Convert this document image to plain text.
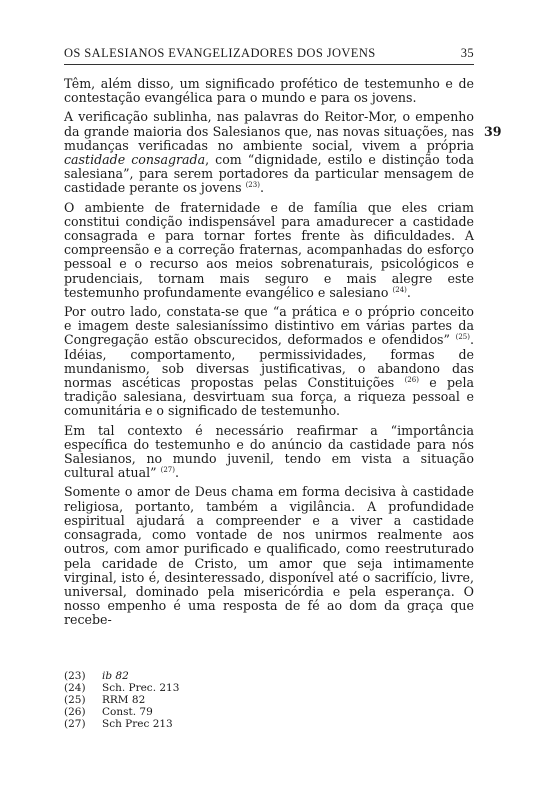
OS SALESIANOS EVANGELIZADORES DOS JOVENS	35
39

Têm, além disso, um significado profético de testemunho e de contestação evangélica para o mundo e para os jovens.

A verificação sublinha, nas palavras do Reitor-Mor, o empenho da grande maioria dos Salesianos que, nas novas situações, nas mudanças verificadas no ambiente social, vivem a própria castidade consagrada, com “dignidade, estilo e distinção toda salesiana”, para serem portadores da particular mensagem de castidade perante os jovens $^{(23)}$.

O ambiente de fraternidade e de família que eles criam constitui condição indispensável para amadurecer a castidade consagrada e para tornar fortes frente às dificuldades. A compreensão e a correção fraternas, acompanhadas do esforço pessoal e o recurso aos meios sobrenaturais, psicológicos e prudenciais, tornam mais seguro e mais alegre este testemunho profundamente evangélico e salesiano $^{(24)}$.

Por outro lado, constata-se que “a prática e o próprio conceito e imagem deste salesianíssimo distintivo em várias partes da Congregação estão obscurecidos, deformados e ofendidos” $^{(25)}$. Idéias, comportamento, permissividades, formas de mundanismo, sob diversas justificativas, o abandono das normas ascéticas propostas pelas Constituições $^{(26)}$ e pela tradição salesiana, desvirtuam sua força, a riqueza pessoal e comunitária e o significado de testemunho.

Em tal contexto é necessário reafirmar a “importância específica do testemunho e do anúncio da castidade para nós Salesianos, no mundo juvenil, tendo em vista a situação cultural atual” $^{(27)}$.

Somente o amor de Deus chama em forma decisiva à castidade religiosa, portanto, também a vigilância. A profundidade espiritual ajudará a compreender e a viver a castidade consagrada, como vontade de nos unirmos realmente aos outros, com amor purificado e qualificado, como reestruturado pela caridade de Cristo, um amor que seja intimamente virginal, isto é, desinteressado, disponível até o sacrifício, livre, universal, dominado pela misericórdia e pela esperança. O nosso empenho é uma resposta de fé ao dom da graça que recebe-

(23)	ib 82
(24)	Sch. Prec. 213
(25)	RRM 82
(26)	Const. 79
(27)	Sch Prec 213
